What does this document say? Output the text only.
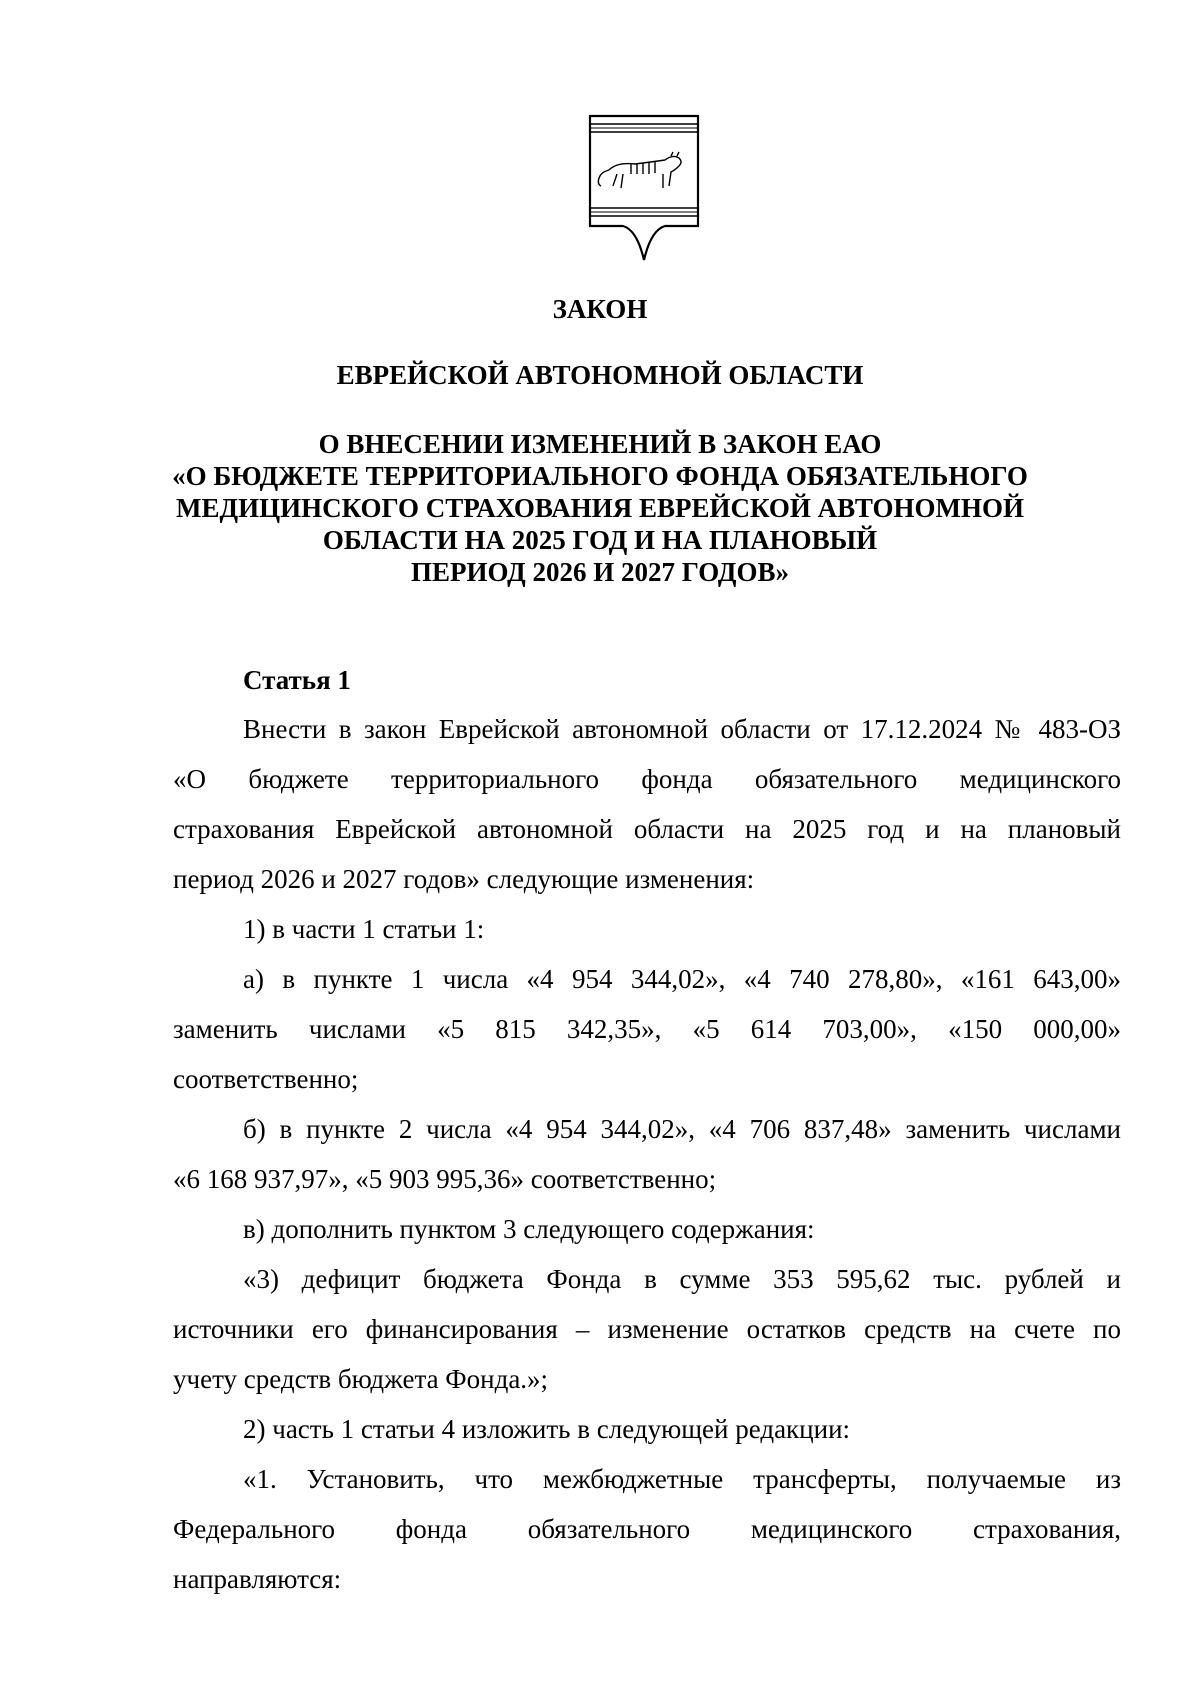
ЗАКОН

ЕВРЕЙСКОЙ АВТОНОМНОЙ ОБЛАСТИ

О ВНЕСЕНИИ ИЗМЕНЕНИЙ В ЗАКОН ЕАО
«О БЮДЖЕТЕ ТЕРРИТОРИАЛЬНОГО ФОНДА ОБЯЗАТЕЛЬНОГО
МЕДИЦИНСКОГО СТРАХОВАНИЯ ЕВРЕЙСКОЙ АВТОНОМНОЙ
ОБЛАСТИ НА 2025 ГОД И НА ПЛАНОВЫЙ
ПЕРИОД 2026 И 2027 ГОДОВ»

Статья 1

Внести в закон Еврейской автономной области от 17.12.2024 № 483-ОЗ
«О бюджете территориального фонда обязательного медицинского
страхования Еврейской автономной области на 2025 год и на плановый
период 2026 и 2027 годов» следующие изменения:

1) в части 1 статьи 1:

а) в пункте 1 числа «4 954 344,02», «4 740 278,80», «161 643,00»
заменить числами «5 815 342,35», «5 614 703,00», «150 000,00»
соответственно;

б) в пункте 2 числа «4 954 344,02», «4 706 837,48» заменить числами
«6 168 937,97», «5 903 995,36» соответственно;

в) дополнить пунктом 3 следующего содержания:

«3) дефицит бюджета Фонда в сумме 353 595,62 тыс. рублей и
источники его финансирования – изменение остатков средств на счете по
учету средств бюджета Фонда.»;

2) часть 1 статьи 4 изложить в следующей редакции:

«1. Установить, что межбюджетные трансферты, получаемые из
Федерального фонда обязательного медицинского страхования,
направляются:
